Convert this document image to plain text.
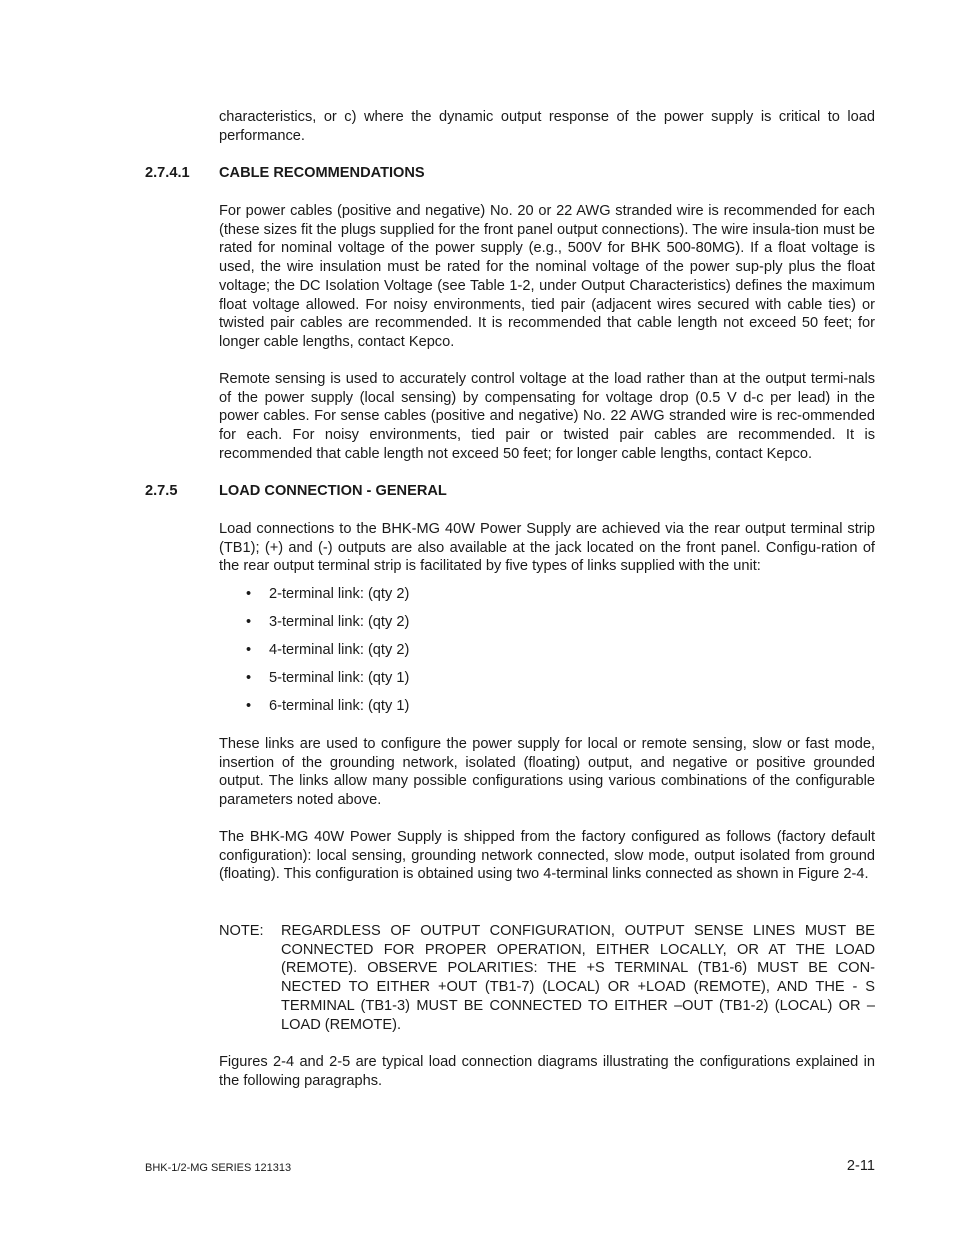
characteristics, or c) where the dynamic output response of the power supply is critical to load performance.

2.7.4.1 CABLE RECOMMENDATIONS

For power cables (positive and negative) No. 20 or 22 AWG stranded wire is recommended for each (these sizes fit the plugs supplied for the front panel output connections). The wire insula-tion must be rated for nominal voltage of the power supply (e.g., 500V for BHK 500-80MG). If a float voltage is used, the wire insulation must be rated for the nominal voltage of the power sup-ply plus the float voltage; the DC Isolation Voltage (see Table 1-2, under Output Characteristics) defines the maximum float voltage allowed. For noisy environments, tied pair (adjacent wires secured with cable ties) or twisted pair cables are recommended. It is recommended that cable length not exceed 50 feet; for longer cable lengths, contact Kepco.

Remote sensing is used to accurately control voltage at the load rather than at the output termi-nals of the power supply (local sensing) by compensating for voltage drop (0.5 V d-c per lead) in the power cables. For sense cables (positive and negative) No. 22 AWG stranded wire is rec-ommended for each. For noisy environments, tied pair or twisted pair cables are recommended. It is recommended that cable length not exceed 50 feet; for longer cable lengths, contact Kepco.

2.7.5	LOAD CONNECTION - GENERAL

Load connections to the BHK-MG 40W Power Supply are achieved via the rear output terminal strip (TB1); (+) and (-) outputs are also available at the jack located on the front panel. Configu-ration of the rear output terminal strip is facilitated by five types of links supplied with the unit:

• 2-terminal link: (qty 2)
• 3-terminal link: (qty 2)
• 4-terminal link: (qty 2)
• 5-terminal link: (qty 1)
• 6-terminal link: (qty 1)

These links are used to configure the power supply for local or remote sensing, slow or fast mode, insertion of the grounding network, isolated (floating) output, and negative or positive grounded output. The links allow many possible configurations using various combinations of the configurable parameters noted above.

The BHK-MG 40W Power Supply is shipped from the factory configured as follows (factory default configuration): local sensing, grounding network connected, slow mode, output isolated from ground (floating). This configuration is obtained using two 4-terminal links connected as shown in Figure 2-4.

NOTE: REGARDLESS OF OUTPUT CONFIGURATION, OUTPUT SENSE LINES MUST BE CONNECTED FOR PROPER OPERATION, EITHER LOCALLY, OR AT THE LOAD (REMOTE). OBSERVE POLARITIES: THE +S TERMINAL (TB1-6) MUST BE CON-NECTED TO EITHER +OUT (TB1-7) (LOCAL) OR +LOAD (REMOTE), AND THE - S TERMINAL (TB1-3) MUST BE CONNECTED TO EITHER –OUT (TB1-2) (LOCAL) OR –LOAD (REMOTE).

Figures 2-4 and 2-5 are typical load connection diagrams illustrating the configurations explained in the following paragraphs.

BHK-1/2-MG SERIES 121313	2-11
